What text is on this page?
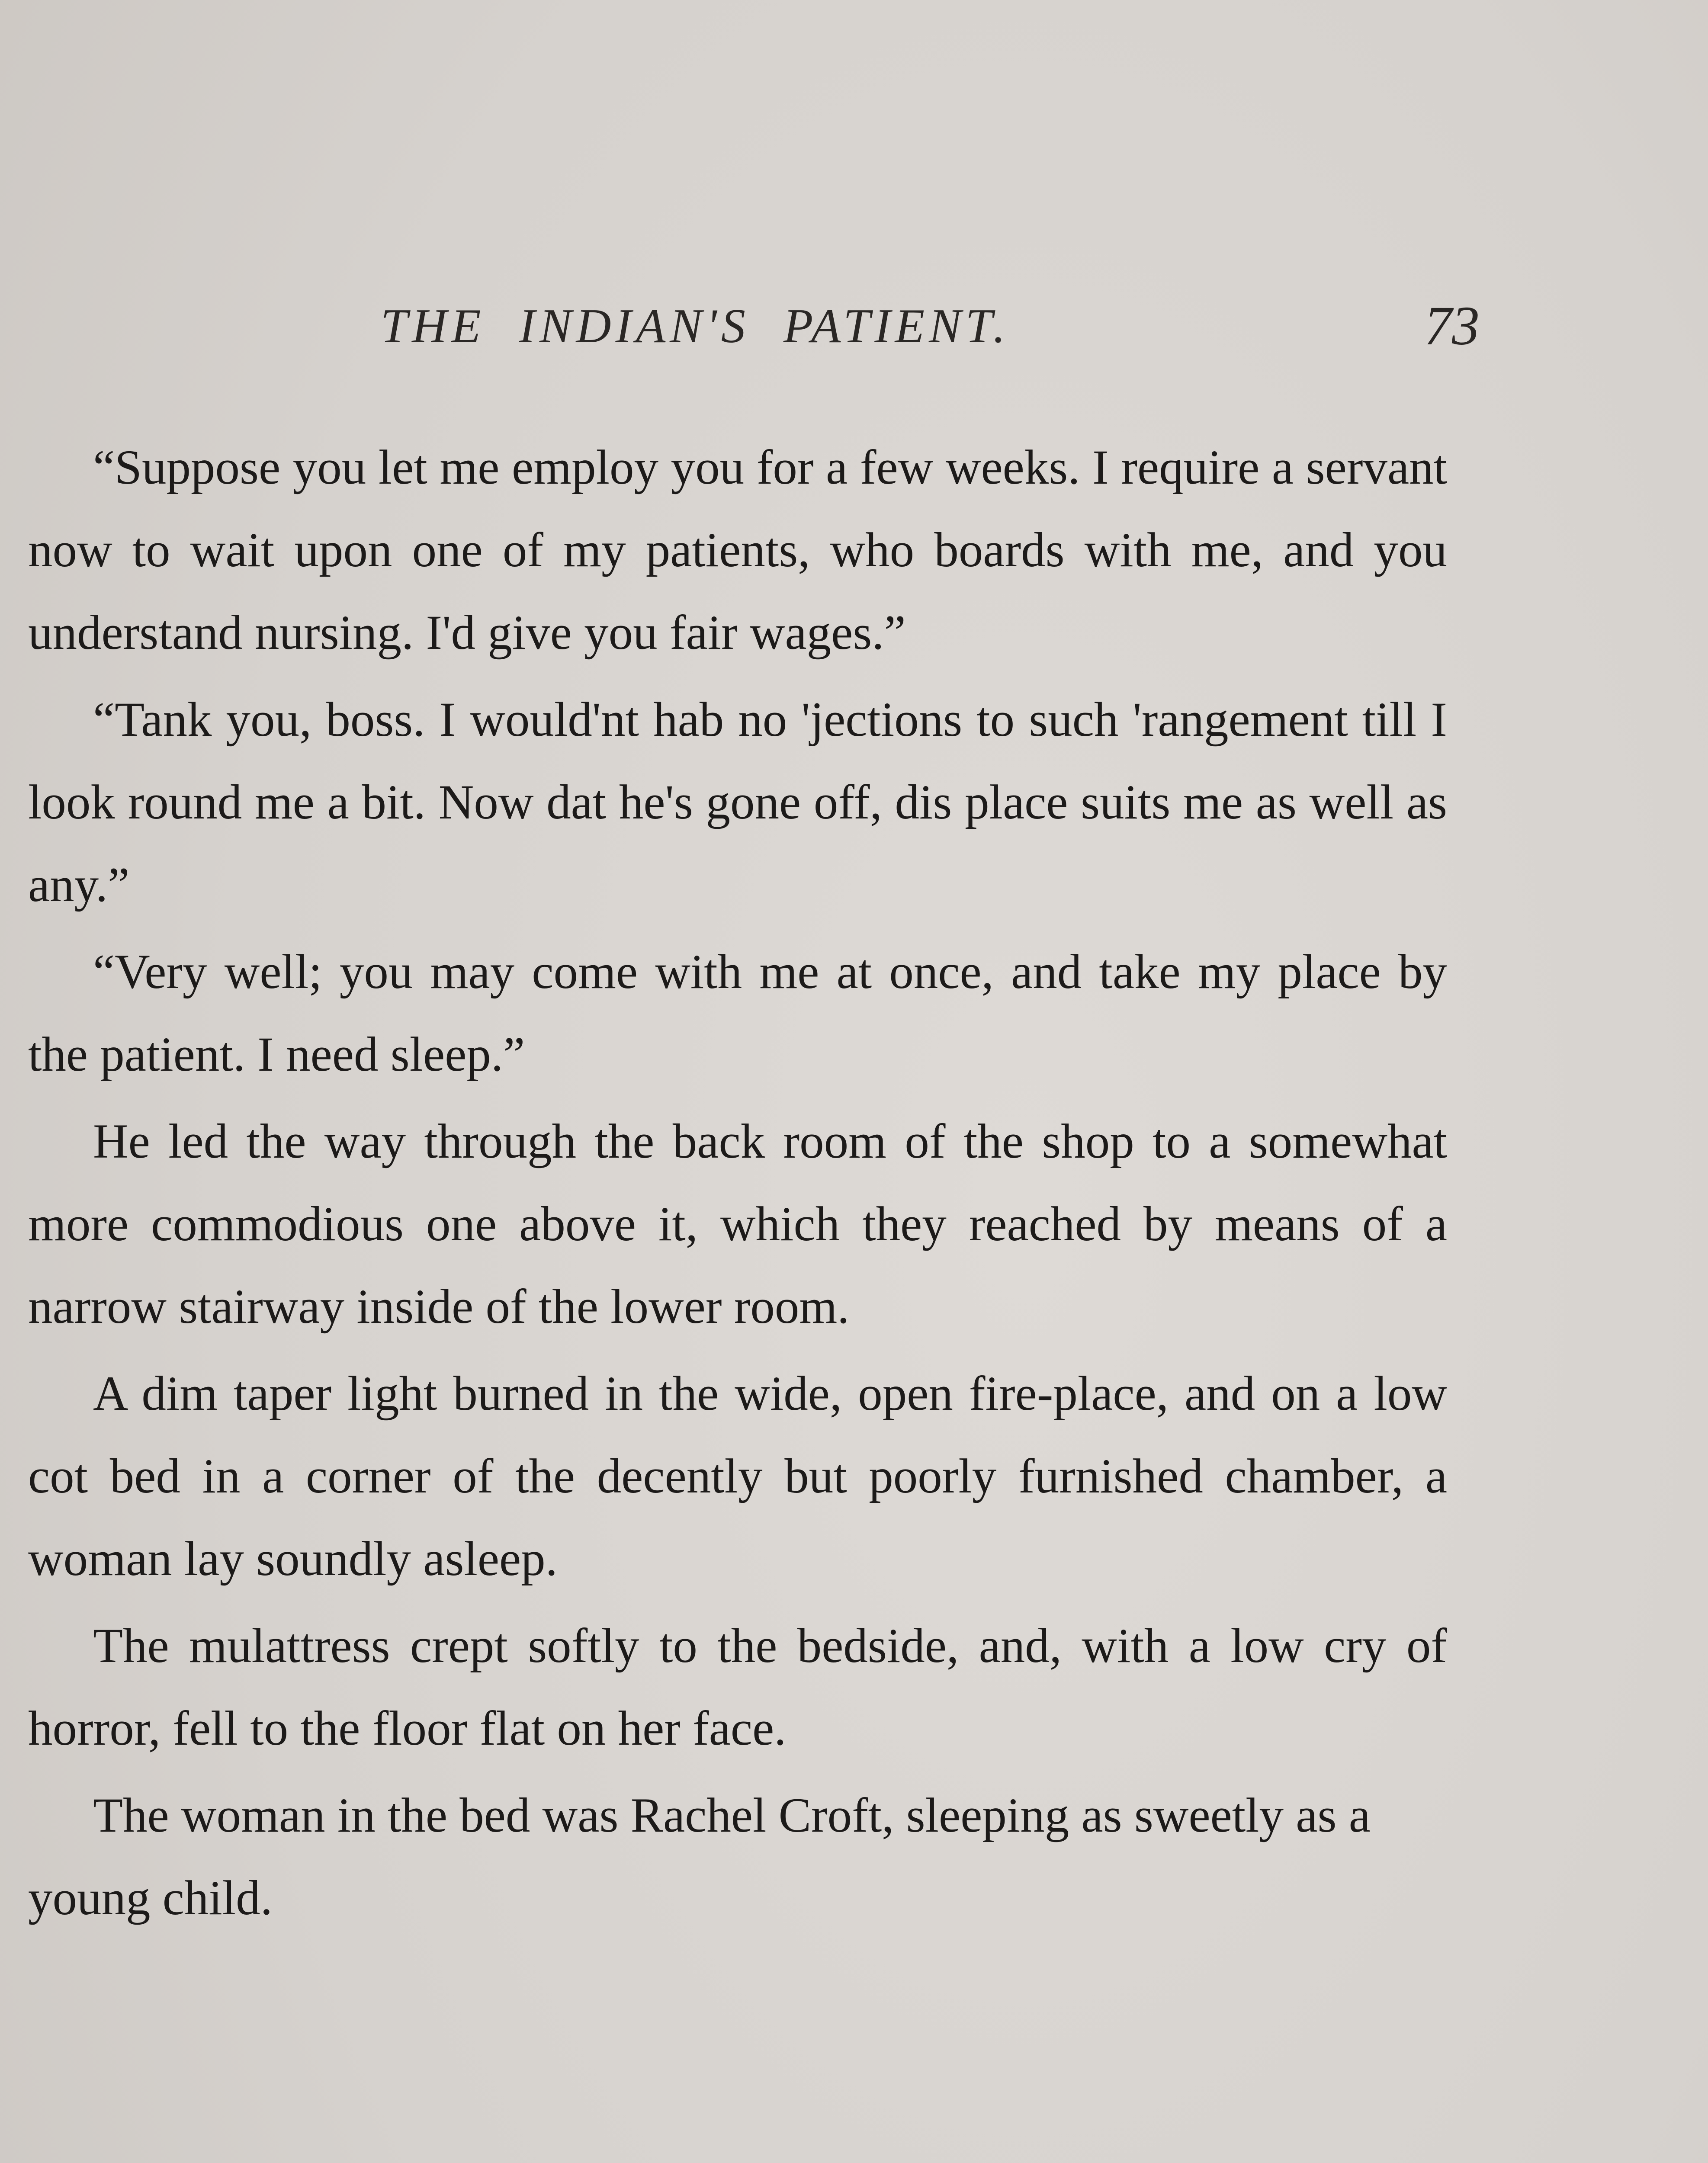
THE INDIAN'S PATIENT.	73

“Suppose you let me employ you for a few weeks. I require a servant now to wait upon one of my patients, who boards with me, and you understand nursing. I'd give you fair wages.”

“Tank you, boss. I would'nt hab no 'jections to such 'rangement till I look round me a bit. Now dat he's gone off, dis place suits me as well as any.”

“Very well; you may come with me at once, and take my place by the patient. I need sleep.”

He led the way through the back room of the shop to a somewhat more commodious one above it, which they reached by means of a narrow stairway inside of the lower room.

A dim taper light burned in the wide, open fire-place, and on a low cot bed in a corner of the decently but poorly furnished chamber, a woman lay soundly asleep.

The mulattress crept softly to the bedside, and, with a low cry of horror, fell to the floor flat on her face.

The woman in the bed was Rachel Croft, sleeping as sweetly as a young child.
